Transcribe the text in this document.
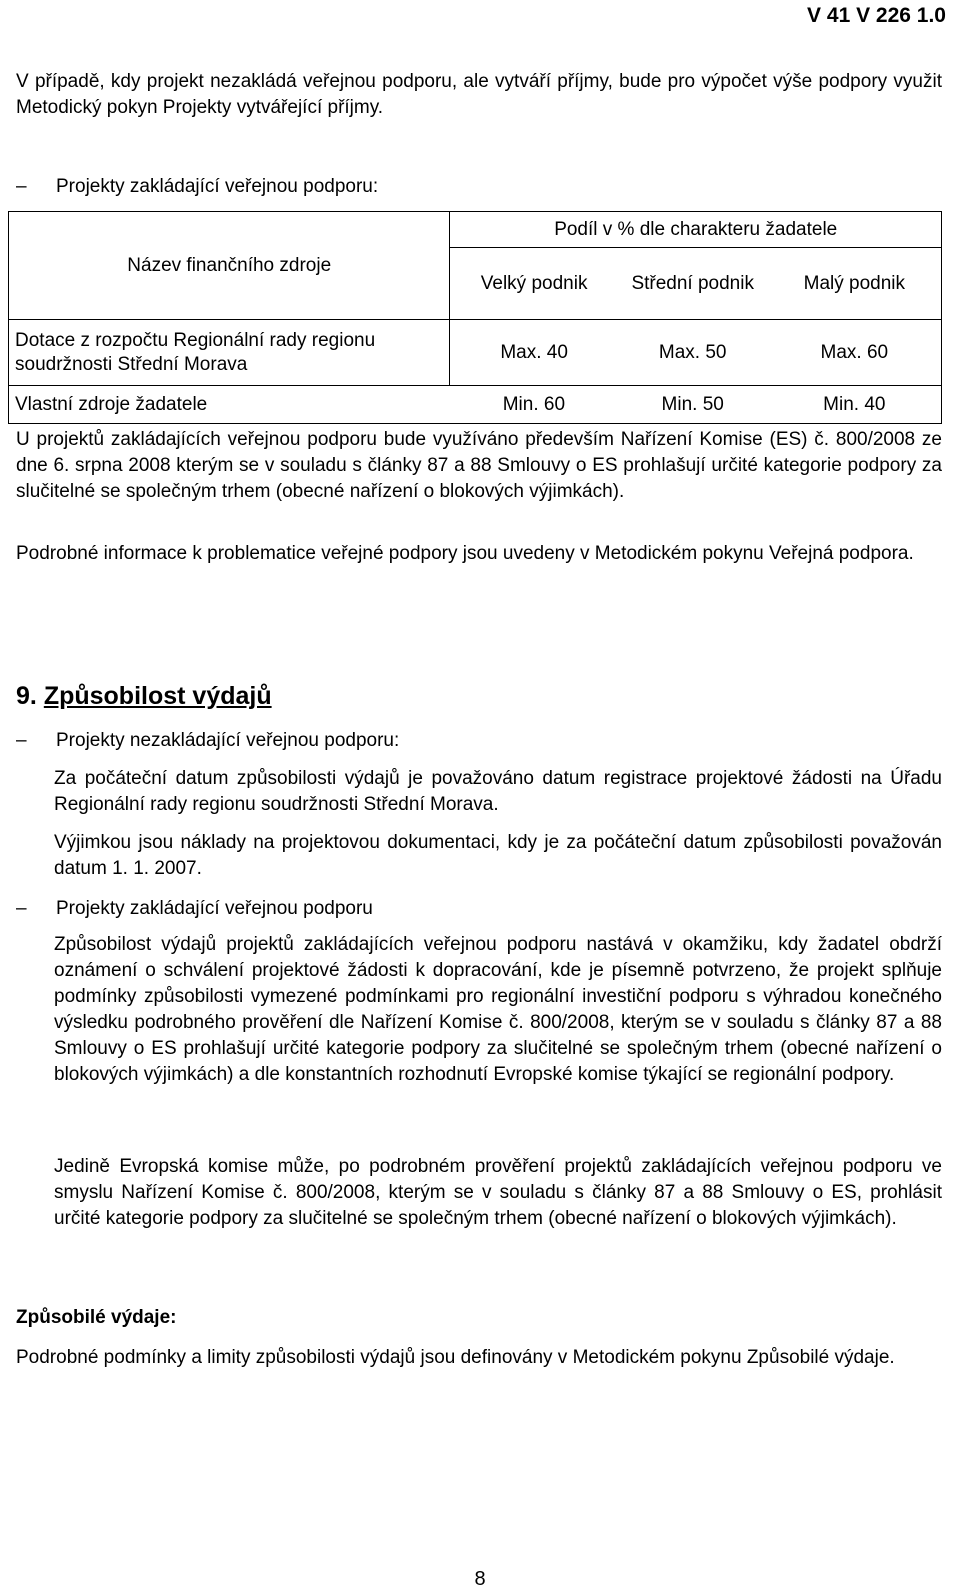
V 41 V 226 1.0

V případě, kdy projekt nezakládá veřejnou podporu, ale vytváří příjmy, bude pro výpočet výše podpory využit Metodický pokyn Projekty vytvářející příjmy.

– Projekty zakládající veřejnou podporu:
Název finančního zdroje	Podíl v % dle charakteru žadatele		
	Velký podnik	Střední podnik	Malý podnik
Dotace z rozpočtu Regionální rady regionu soudržnosti Střední Morava	Max. 40	Max. 50	Max. 60
Vlastní zdroje žadatele	Min. 60	Min. 50	Min. 40

U projektů zakládajících veřejnou podporu bude využíváno především Nařízení Komise (ES) č. 800/2008 ze dne 6. srpna 2008 kterým se v souladu s články 87 a 88 Smlouvy o ES prohlašují určité kategorie podpory za slučitelné se společným trhem (obecné nařízení o blokových výjimkách).

Podrobné informace k problematice veřejné podpory jsou uvedeny v Metodickém pokynu Veřejná podpora.

9. Způsobilost výdajů
– Projekty nezakládající veřejnou podporu:

Za počáteční datum způsobilosti výdajů je považováno datum registrace projektové žádosti na Úřadu Regionální rady regionu soudržnosti Střední Morava.

Výjimkou jsou náklady na projektovou dokumentaci, kdy je za počáteční datum způsobilosti považován datum 1. 1. 2007.

– Projekty zakládající veřejnou podporu

Způsobilost výdajů projektů zakládajících veřejnou podporu nastává v okamžiku, kdy žadatel obdrží oznámení o schválení projektové žádosti k dopracování, kde je písemně potvrzeno, že projekt splňuje podmínky způsobilosti vymezené podmínkami pro regionální investiční podporu s výhradou konečného výsledku podrobného prověření dle Nařízení Komise č. 800/2008, kterým se v souladu s články 87 a 88 Smlouvy o ES prohlašují určité kategorie podpory za slučitelné se společným trhem (obecné nařízení o blokových výjimkách) a dle konstantních rozhodnutí Evropské komise týkající se regionální podpory.

Jedině Evropská komise může, po podrobném prověření projektů zakládajících veřejnou podporu ve smyslu Nařízení Komise č. 800/2008, kterým se v souladu s články 87 a 88 Smlouvy o ES, prohlásit určité kategorie podpory za slučitelné se společným trhem (obecné nařízení o blokových výjimkách).

Způsobilé výdaje:

Podrobné podmínky a limity způsobilosti výdajů jsou definovány v Metodickém pokynu Způsobilé výdaje.

8
